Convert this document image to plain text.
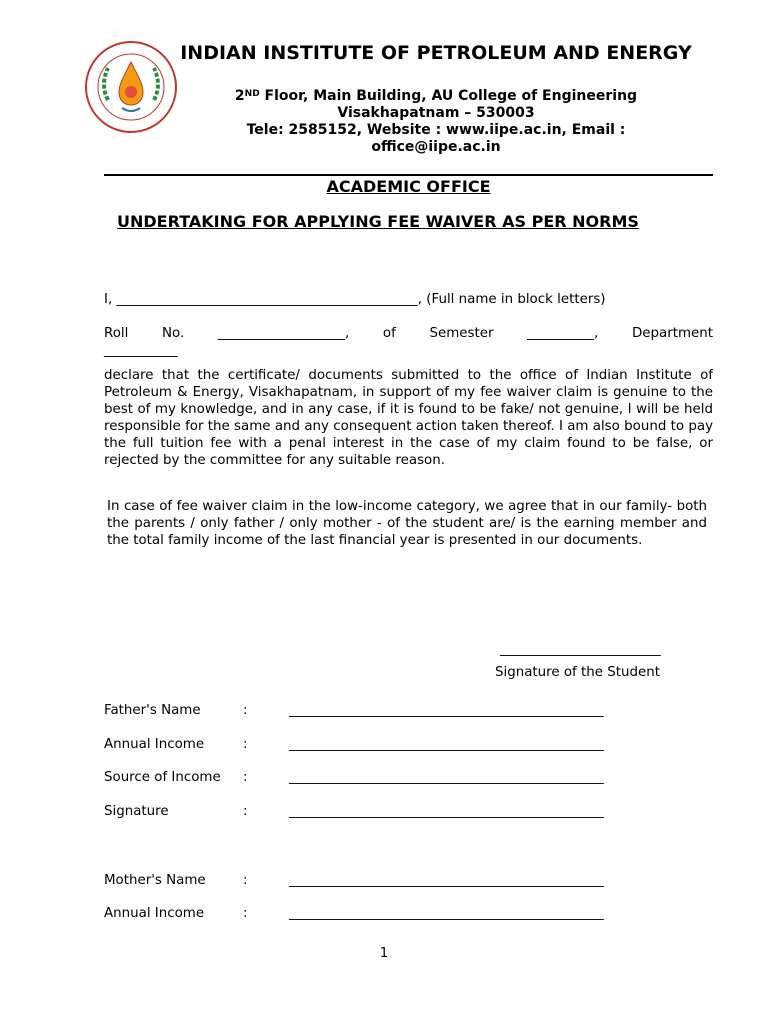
INDIAN INSTITUTE OF PETROLEUM AND ENERGY
2ND Floor, Main Building, AU College of Engineering
Visakhapatnam – 530003
Tele: 2585152, Website : www.iipe.ac.in, Email :
office@iipe.ac.in
ACADEMIC OFFICE
UNDERTAKING FOR APPLYING FEE WAIVER AS PER NORMS
I, _____________________________________________, (Full name in block letters)
Roll	No.	___________________,	of	Semester	__________,	Department
___________
declare that the certificate/ documents submitted to the office of Indian Institute of Petroleum & Energy, Visakhapatnam, in support of my fee waiver claim is genuine to the best of my knowledge, and in any case, if it is found to be fake/ not genuine, I will be held responsible for the same and any consequent action taken thereof. I am also bound to pay the full tuition fee with a penal interest in the case of my claim found to be false, or rejected by the committee for any suitable reason.
In case of fee waiver claim in the low-income category, we agree that in our family- both the parents / only father / only mother - of the student are/ is the earning member and the total family income of the last financial year is presented in our documents.
________________________
Signature of the Student
Father's Name	:	_______________________________________________
Annual Income	:	_______________________________________________
Source of Income :	_______________________________________________
Signature	:	_______________________________________________
Mother's Name	:	_______________________________________________
Annual Income	:	_______________________________________________
1
